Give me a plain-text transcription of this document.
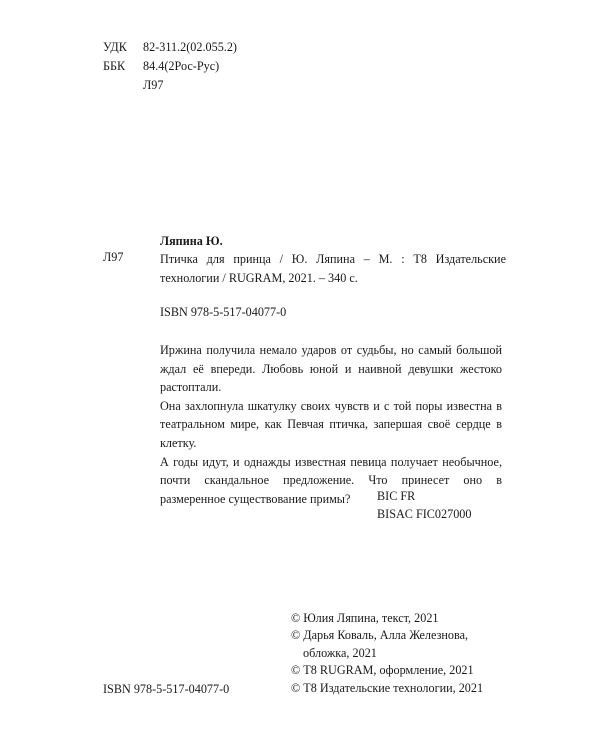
УДК 82-311.2(02.055.2)
ББК 84.4(2Рос-Рус)
Л97
Ляпина Ю.
Л97	Птичка для принца / Ю. Ляпина – М. : Т8 Издательские технологии / RUGRAM, 2021. – 340 с.
ISBN 978-5-517-04077-0

Иржина получила немало ударов от судьбы, но самый большой ждал её впереди. Любовь юной и наивной девушки жестоко растоптали.

Она захлопнула шкатулку своих чувств и с той поры известна в театральном мире, как Певчая птичка, запершая своё сердце в клетку.

А годы идут, и однажды известная певица получает необычное, почти скандальное предложение. Что принесет оно в размеренное существование примы?	BIC FR
BISAC FIC027000
© Юлия Ляпина, текст, 2021
© Дарья Коваль, Алла Железнова,
обложка, 2021
© Т8 RUGRAM, оформление, 2021
© Т8 Издательские технологии, 2021
ISBN 978-5-517-04077-0
